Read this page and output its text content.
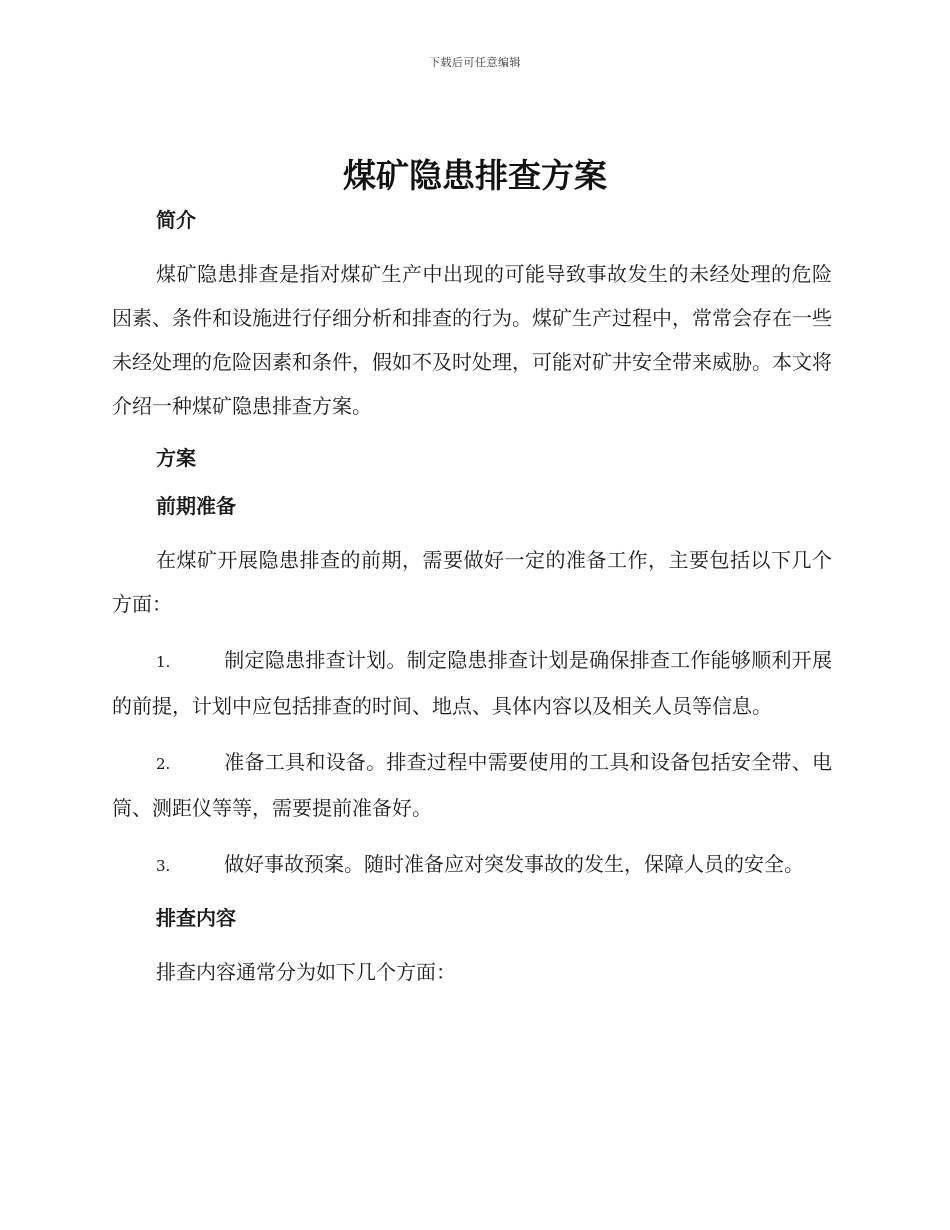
下载后可任意编辑
煤矿隐患排查方案
简介

煤矿隐患排查是指对煤矿生产中出现的可能导致事故发生的未经处理的危险因素、条件和设施进行仔细分析和排查的行为。煤矿生产过程中，常常会存在一些未经处理的危险因素和条件，假如不及时处理，可能对矿井安全带来威胁。本文将介绍一种煤矿隐患排查方案。

方案
前期准备

在煤矿开展隐患排查的前期，需要做好一定的准备工作，主要包括以下几个方面：

1.	制定隐患排查计划。制定隐患排查计划是确保排查工作能够顺利开展的前提，计划中应包括排查的时间、地点、具体内容以及相关人员等信息。

2.	准备工具和设备。排查过程中需要使用的工具和设备包括安全带、电筒、测距仪等等，需要提前准备好。

3.	做好事故预案。随时准备应对突发事故的发生，保障人员的安全。

排查内容

排查内容通常分为如下几个方面：
